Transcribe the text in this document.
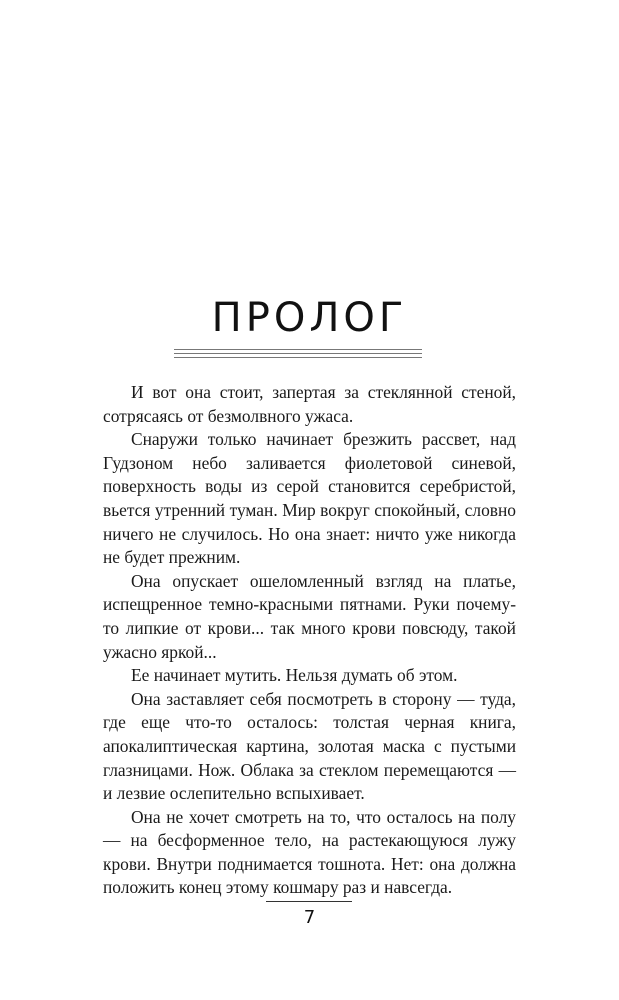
ПРОЛОГ

И вот она стоит, запертая за стеклянной стеной, сотрясаясь от безмолвного ужаса.

Снаружи только начинает брезжить рассвет, над Гудзоном небо заливается фиолетовой синевой, поверхность воды из серой становится серебристой, вьется утренний туман. Мир вокруг спокойный, словно ничего не случилось. Но она знает: ничто уже никогда не будет прежним.

Она опускает ошеломленный взгляд на платье, испещренное темно-красными пятнами. Руки почему-то липкие от крови... так много крови повсюду, такой ужасно яркой...

Ее начинает мутить. Нельзя думать об этом.

Она заставляет себя посмотреть в сторону — туда, где еще что-то осталось: толстая черная книга, апокалиптическая картина, золотая маска с пустыми глазницами. Нож. Облака за стеклом перемещаются — и лезвие ослепительно вспыхивает.

Она не хочет смотреть на то, что осталось на полу — на бесформенное тело, на растекающуюся лужу крови. Внутри поднимается тошнота. Нет: она должна положить конец этому кошмару раз и навсегда.

7
